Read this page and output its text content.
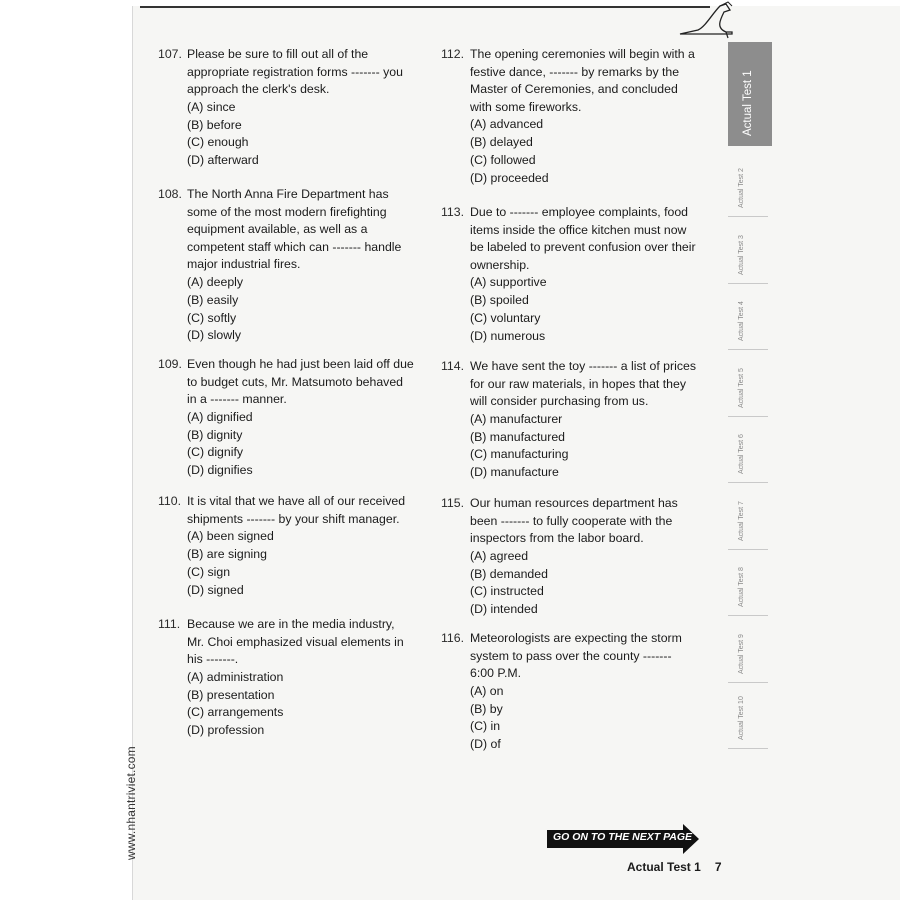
www.nhantriviet.com
107. Please be sure to fill out all of the
appropriate registration forms ------- you
approach the clerk's desk.
(A) since
(B) before
(C) enough
(D) afterward
108. The North Anna Fire Department has
some of the most modern firefighting
equipment available, as well as a
competent staff which can ------- handle
major industrial fires.
(A) deeply
(B) easily
(C) softly
(D) slowly
109. Even though he had just been laid off due
to budget cuts, Mr. Matsumoto behaved
in a ------- manner.
(A) dignified
(B) dignity
(C) dignify
(D) dignifies
110. It is vital that we have all of our received
shipments ------- by your shift manager.
(A) been signed
(B) are signing
(C) sign
(D) signed
111. Because we are in the media industry,
Mr. Choi emphasized visual elements in
his -------.
(A) administration
(B) presentation
(C) arrangements
(D) profession
112. The opening ceremonies will begin with a
festive dance, ------- by remarks by the
Master of Ceremonies, and concluded
with some fireworks.
(A) advanced
(B) delayed
(C) followed
(D) proceeded
113. Due to ------- employee complaints, food
items inside the office kitchen must now
be labeled to prevent confusion over their
ownership.
(A) supportive
(B) spoiled
(C) voluntary
(D) numerous
114. We have sent the toy ------- a list of prices
for our raw materials, in hopes that they
will consider purchasing from us.
(A) manufacturer
(B) manufactured
(C) manufacturing
(D) manufacture
115. Our human resources department has
been ------- to fully cooperate with the
inspectors from the labor board.
(A) agreed
(B) demanded
(C) instructed
(D) intended
116. Meteorologists are expecting the storm
system to pass over the county -------
6:00 P.M.
(A) on
(B) by
(C) in
(D) of
Actual Test 1
Actual Test 2
Actual Test 3
Actual Test 4
Actual Test 5
Actual Test 6
Actual Test 7
Actual Test 8
Actual Test 9
Actual Test 10
GO ON TO THE NEXT PAGE
Actual Test 1 7
